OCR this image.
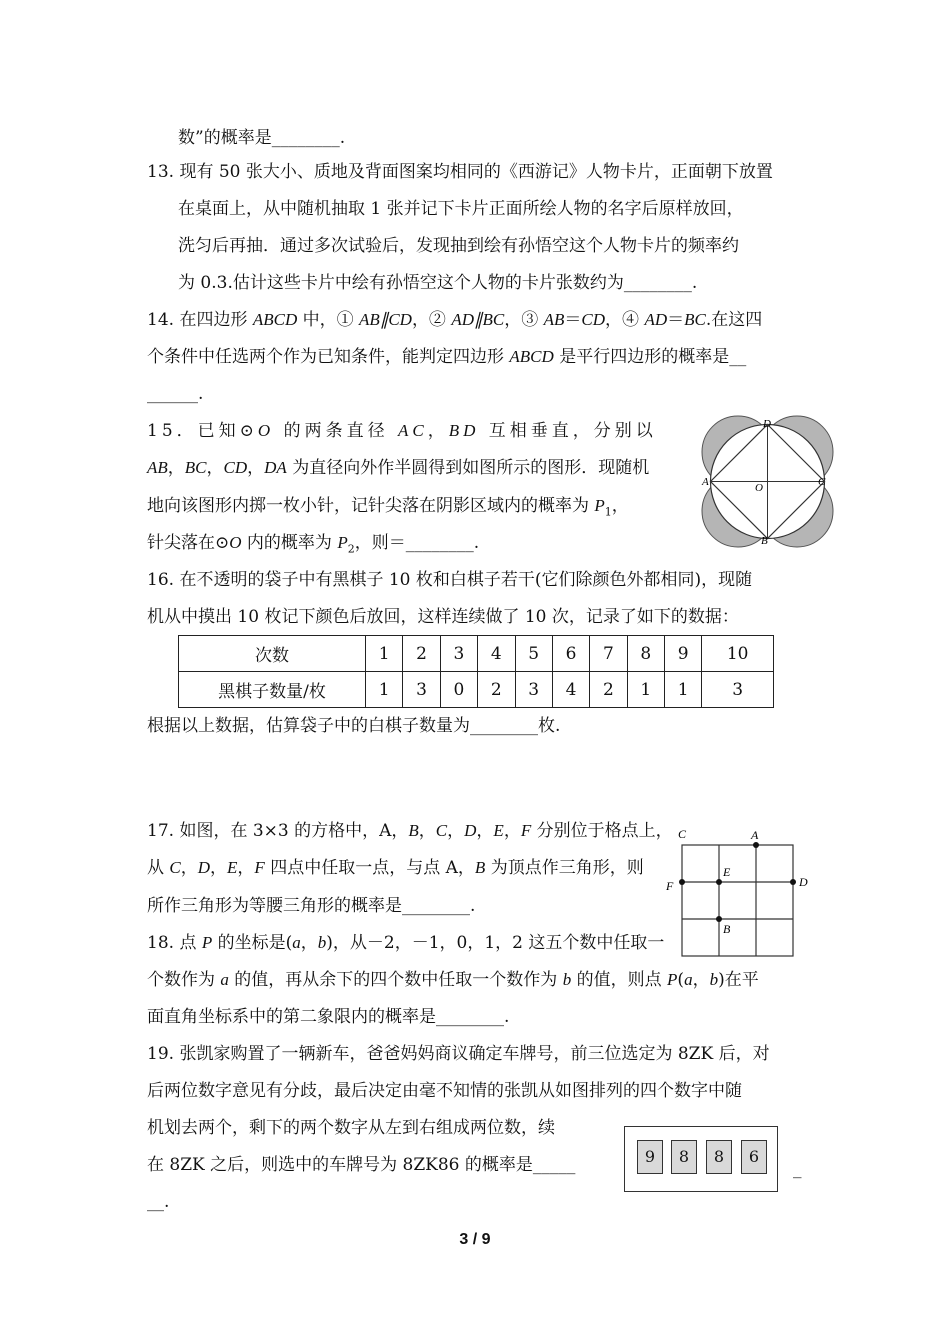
数”的概率是________.
13. 现有 50 张大小、质地及背面图案均相同的《西游记》人物卡片，正面朝下放置
在桌面上，从中随机抽取 1 张并记下卡片正面所绘人物的名字后原样放回，
洗匀后再抽．通过多次试验后，发现抽到绘有孙悟空这个人物卡片的频率约
为 0.3.估计这些卡片中绘有孙悟空这个人物的卡片张数约为________.
14. 在四边形 ABCD 中，① AB∥CD，② AD∥BC，③ AB＝CD，④ AD＝BC.在这四
个条件中任选两个作为已知条件，能判定四边形 ABCD 是平行四边形的概率是__
______.
15．已知⊙O 的两条直径 AC，BD 互相垂直，分别以
AB，BC，CD，DA 为直径向外作半圆得到如图所示的图形．现随机
地向该图形内掷一枚小针，记针尖落在阴影区域内的概率为 $P_1$，
针尖落在⊙O 内的概率为 $P_2$，则＝________.
D
A	O	C
B
16. 在不透明的袋子中有黑棋子 10 枚和白棋子若干(它们除颜色外都相同)，现随
机从中摸出 10 枚记下颜色后放回，这样连续做了 10 次，记录了如下的数据：
次数	1	2	3	4	5	6	7	8	9	10
黑棋子数量/枚	1	3	0	2	3	4	2	1	1	3
根据以上数据，估算袋子中的白棋子数量为________枚.
17. 如图，在 3×3 的方格中，A，B，C，D，E，F 分别位于格点上，
从 C，D，E，F 四点中任取一点，与点 A，B 为顶点作三角形，则
所作三角形为等腰三角形的概率是________.
C	A
E
F	D
B
18. 点 P 的坐标是(a，b)，从－2，－1，0，1，2 这五个数中任取一
个数作为 a 的值，再从余下的四个数中任取一个数作为 b 的值，则点 P(a，b)在平
面直角坐标系中的第二象限内的概率是________.
19. 张凯家购置了一辆新车，爸爸妈妈商议确定车牌号，前三位选定为 8ZK 后，对
后两位数字意见有分歧，最后决定由毫不知情的张凯从如图排列的四个数字中随
机划去两个，剩下的两个数字从左到右组成两位数，续
在 8ZK 之后，则选中的车牌号为 8ZK86 的概率是_____	_
__.
9	8	8	6
3 / 9
